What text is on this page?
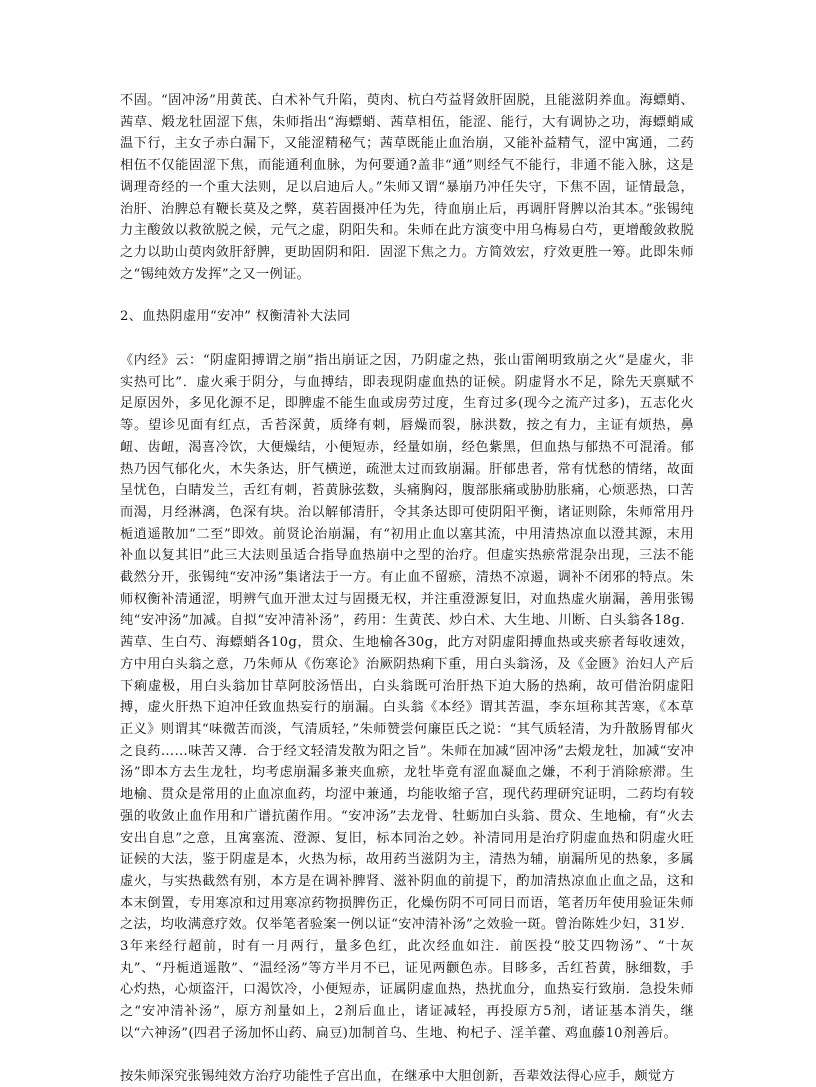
不固。“固冲汤”用黄芪、白术补气升陷，萸肉、杭白芍益肾敛肝固脱，且能滋阴养血。海螵蛸、茜草、煅龙牡固涩下焦，朱师指出“海螵蛸、茜草相伍，能涩、能行，大有调协之功，海螵蛸咸温下行，主女子赤白漏下，又能涩精秘气；茜草既能止血治崩，又能补益精气，涩中寓通，二药相伍不仅能固涩下焦，而能通利血脉，为何要通?盖非“通”则经气不能行，非通不能入脉，这是调理奇经的一个重大法则，足以启迪后人。”朱师又谓“暴崩乃冲任失守，下焦不固，证情最急，治肝、治脾总有鞭长莫及之弊，莫若固摄冲任为先，待血崩止后，再调肝肾脾以治其本。”张锡纯力主酸敛以救欲脱之候，元气之虚，阴阳失和。朱师在此方演变中用乌梅易白芍，更增酸敛救脱之力以助山萸肉敛肝舒脾，更助固阴和阳．固涩下焦之力。方简效宏，疗效更胜一筹。此即朱师之“锡纯效方发挥”之又一例证。

2、血热阴虚用“安冲” 权衡清补大法同

《内经》云：“阴虚阳搏谓之崩”指出崩证之因，乃阴虚之热，张山雷阐明致崩之火“是虚火，非实热可比”．虚火乘于阴分，与血搏结，即表现阴虚血热的证候。阴虚肾水不足，除先天禀赋不足原因外，多见化源不足，即脾虚不能生血或房劳过度，生育过多(现今之流产过多)，五志化火等。望诊见面有红点，舌苔深黄，质绛有刺，唇燥而裂，脉洪数，按之有力，主证有烦热，鼻衄、齿衄，渴喜冷饮，大便燥结，小便短赤，经量如崩，经色紫黑，但血热与郁热不可混淆。郁热乃因气郁化火，木失条达，肝气横逆，疏泄太过而致崩漏。肝郁患者，常有忧愁的情绪，故面呈忧色，白睛发兰，舌红有刺，苔黄脉弦数，头痛胸闷，腹部胀痛或胁肋胀痛，心烦恶热，口苦而渴，月经淋漓，色深有块。治以解郁清肝，令其条达即可使阴阳平衡，诸证则除，朱师常用丹栀逍遥散加“二至”即效。前贤论治崩漏，有“初用止血以塞其流，中用清热凉血以澄其源，末用补血以复其旧”此三大法则虽适合指导血热崩中之型的治疗。但虚实热瘀常混杂出现，三法不能截然分开，张锡纯“安冲汤”集诸法于一方。有止血不留瘀，清热不凉遏，调补不闭邪的特点。朱师权衡补清通涩，明辨气血开泄太过与固摄无权，并注重澄源复旧，对血热虚火崩漏，善用张锡纯“安冲汤”加减。自拟“安冲清补汤”，药用：生黄芪、炒白术、大生地、川断、白头翁各18g．茜草、生白芍、海螵蛸各10g，贯众、生地榆各30g，此方对阴虚阳搏血热或夹瘀者每收速效，方中用白头翁之意，乃朱师从《伤寒论》治厥阴热痢下重，用白头翁汤，及《金匮》治妇人产后下痢虚极，用白头翁加甘草阿胶汤悟出，白头翁既可治肝热下迫大肠的热痢，故可借治阴虚阳搏，虚火肝热下迫冲任致血热妄行的崩漏。白头翁《本经》谓其苦温，李东垣称其苦寒，《本草正义》则谓其“味微苦而淡，气清质轻，”朱师赞尝何廉臣氏之说：“其气质轻清，为升散肠胃郁火之良药……味苦又薄．合于经文轻清发散为阳之旨”。朱师在加减“固冲汤”去煅龙牡，加减“安冲汤”即本方去生龙牡，均考虑崩漏多兼夹血瘀，龙牡毕竟有涩血凝血之嫌，不利于消除瘀滞。生地榆、贯众是常用的止血凉血药，均涩中兼通，均能收缩子宫，现代药理研究证明，二药均有较强的收敛止血作用和广谱抗菌作用。“安冲汤”去龙骨、牡蛎加白头翁、贯众、生地榆，有“火去安出自息”之意，且寓塞流、澄源、复旧，标本同治之妙。补清同用是治疗阴虚血热和阴虚火旺证候的大法，鉴于阴虚是本，火热为标，故用药当滋阴为主，清热为辅，崩漏所见的热象，多属虚火，与实热截然有别，本方是在调补脾肾、滋补阴血的前提下，酌加清热凉血止血之品，这和本末倒置，专用寒凉和过用寒凉药物损脾伤正，化燥伤阴不可同日而语，笔者历年使用验证朱师之法，均收满意疗效。仅举笔者验案一例以证“安冲清补汤”之效验一斑。曾治陈姓少妇，31岁．3年来经行超前，时有一月两行，量多色红，此次经血如注．前医投“胶艾四物汤”、“十灰丸”、“丹栀逍遥散”、“温经汤”等方半月不已，证见两颧色赤。目眵多，舌红苔黄，脉细数，手心灼热，心烦盗汗，口渴饮冷，小便短赤，证属阴虚血热，热扰血分，血热妄行致崩．急投朱师之“安冲清补汤”，原方剂量如上，2剂后血止，诸证减轻，再投原方5剂，诸证基本消失，继以“六神汤”(四君子汤加怀山药、扁豆)加制首乌、生地、枸杞子、淫羊藿、鸡血藤10剂善后。

按朱师深究张锡纯效方治疗功能性子宫出血，在继承中大胆创新，吾辈效法得心应手，颇觉方
